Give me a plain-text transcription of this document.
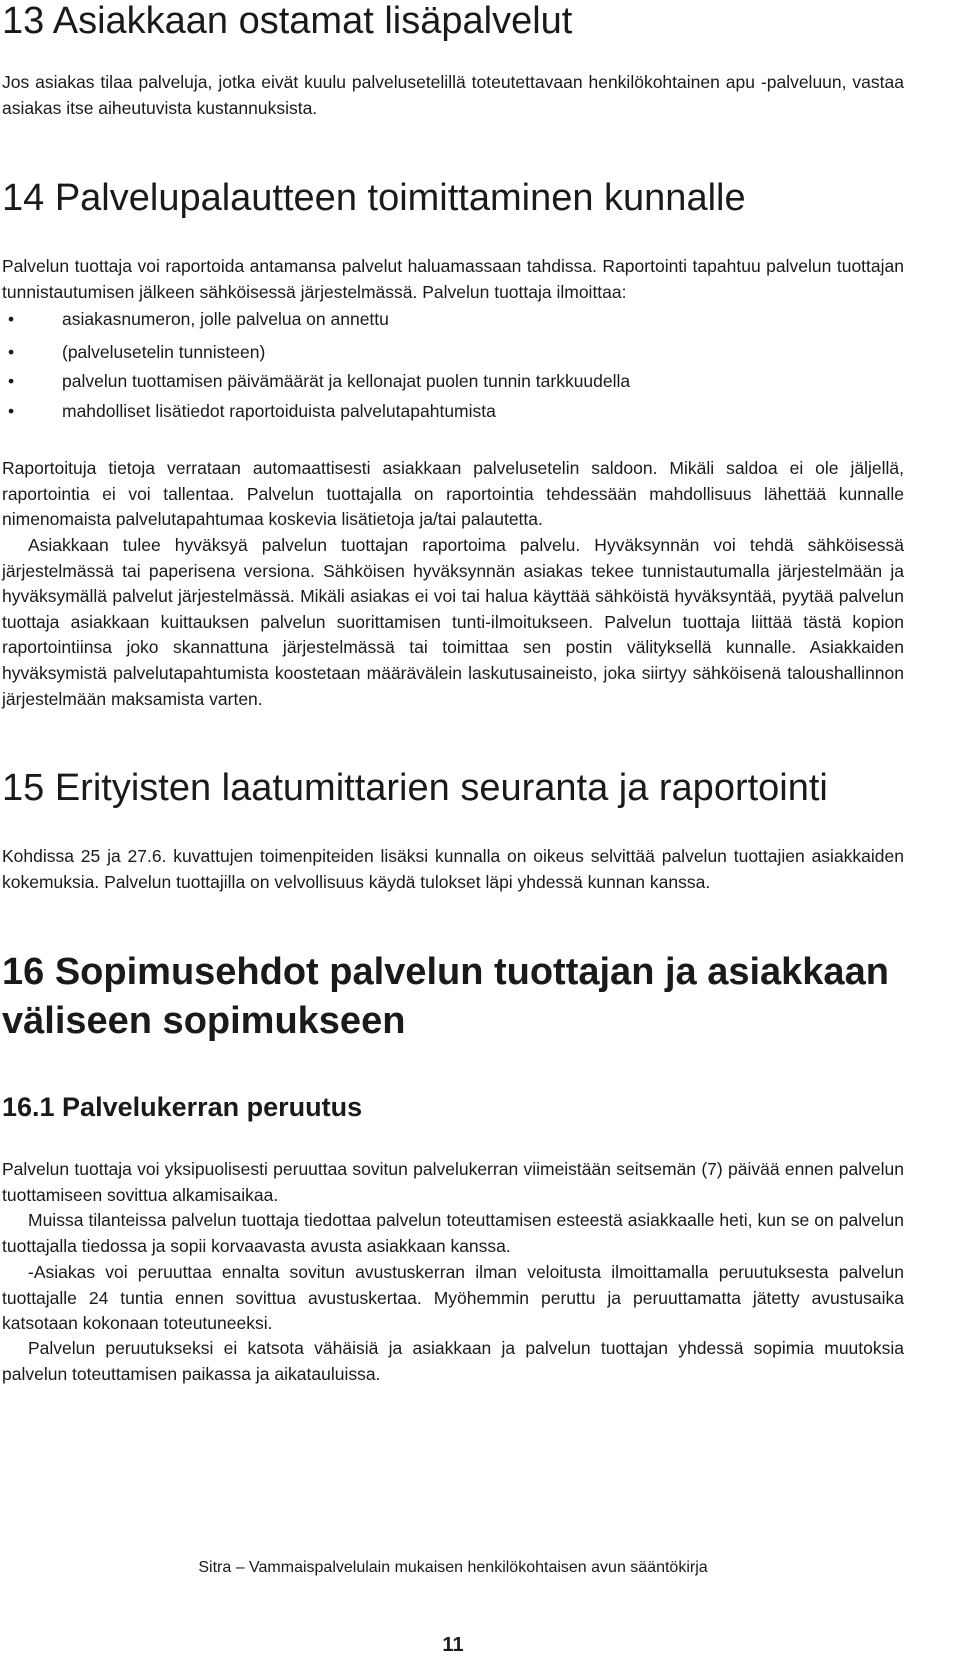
13 Asiakkaan ostamat lisäpalvelut

Jos asiakas tilaa palveluja, jotka eivät kuulu palvelusetelillä toteutettavaan henkilökohtainen apu -palveluun, vastaa asiakas itse aiheutuvista kustannuksista.

14 Palvelupalautteen toimittaminen kunnalle

Palvelun tuottaja voi raportoida antamansa palvelut haluamassaan tahdissa. Raportointi tapahtuu palvelun tuottajan tunnistautumisen jälkeen sähköisessä järjestelmässä. Palvelun tuottaja ilmoittaa:

•	asiakasnumeron, jolle palvelua on annettu
•	(palvelusetelin tunnisteen)
•	palvelun tuottamisen päivämäärät ja kellonajat puolen tunnin tarkkuudella
•	mahdolliset lisätiedot raportoiduista palvelutapahtumista

Raportoituja tietoja verrataan automaattisesti asiakkaan palvelusetelin saldoon. Mikäli saldoa ei ole jäljellä, raportointia ei voi tallentaa. Palvelun tuottajalla on raportointia tehdessään mahdollisuus lähettää kunnalle nimenomaista palvelutapahtumaa koskevia lisätietoja ja/tai palautetta.

Asiakkaan tulee hyväksyä palvelun tuottajan raportoima palvelu. Hyväksynnän voi tehdä sähköisessä järjestelmässä tai paperisena versiona. Sähköisen hyväksynnän asiakas tekee tunnistautumalla järjestelmään ja hyväksymällä palvelut järjestelmässä. Mikäli asiakas ei voi tai halua käyttää sähköistä hyväksyntää, pyytää palvelun tuottaja asiakkaan kuittauksen palvelun suorittamisen tunti-ilmoitukseen. Palvelun tuottaja liittää tästä kopion raportointiinsa joko skannattuna järjestelmässä tai toimittaa sen postin välityksellä kunnalle. Asiakkaiden hyväksymistä palvelutapahtumista koostetaan määrävälein laskutusaineisto, joka siirtyy sähköisenä taloushallinnon järjestelmään maksamista varten.

15 Erityisten laatumittarien seuranta ja raportointi

Kohdissa 25 ja 27.6. kuvattujen toimenpiteiden lisäksi kunnalla on oikeus selvittää palvelun tuottajien asiakkaiden kokemuksia. Palvelun tuottajilla on velvollisuus käydä tulokset läpi yhdessä kunnan kanssa.

16 Sopimusehdot palvelun tuottajan ja asiakkaan
väliseen sopimukseen
16.1 Palvelukerran peruutus

Palvelun tuottaja voi yksipuolisesti peruuttaa sovitun palvelukerran viimeistään seitsemän (7) päivää ennen palvelun tuottamiseen sovittua alkamisaikaa.

Muissa tilanteissa palvelun tuottaja tiedottaa palvelun toteuttamisen esteestä asiakkaalle heti, kun se on palvelun tuottajalla tiedossa ja sopii korvaavasta avusta asiakkaan kanssa.

-Asiakas voi peruuttaa ennalta sovitun avustuskerran ilman veloitusta ilmoittamalla peruutuksesta palvelun tuottajalle 24 tuntia ennen sovittua avustuskertaa. Myöhemmin peruttu ja peruuttamatta jätetty avustusaika katsotaan kokonaan toteutuneeksi.

Palvelun peruutukseksi ei katsota vähäisiä ja asiakkaan ja palvelun tuottajan yhdessä sopimia muutoksia palvelun toteuttamisen paikassa ja aikatauluissa.

Sitra – Vammaispalvelulain mukaisen henkilökohtaisen avun sääntökirja
11
